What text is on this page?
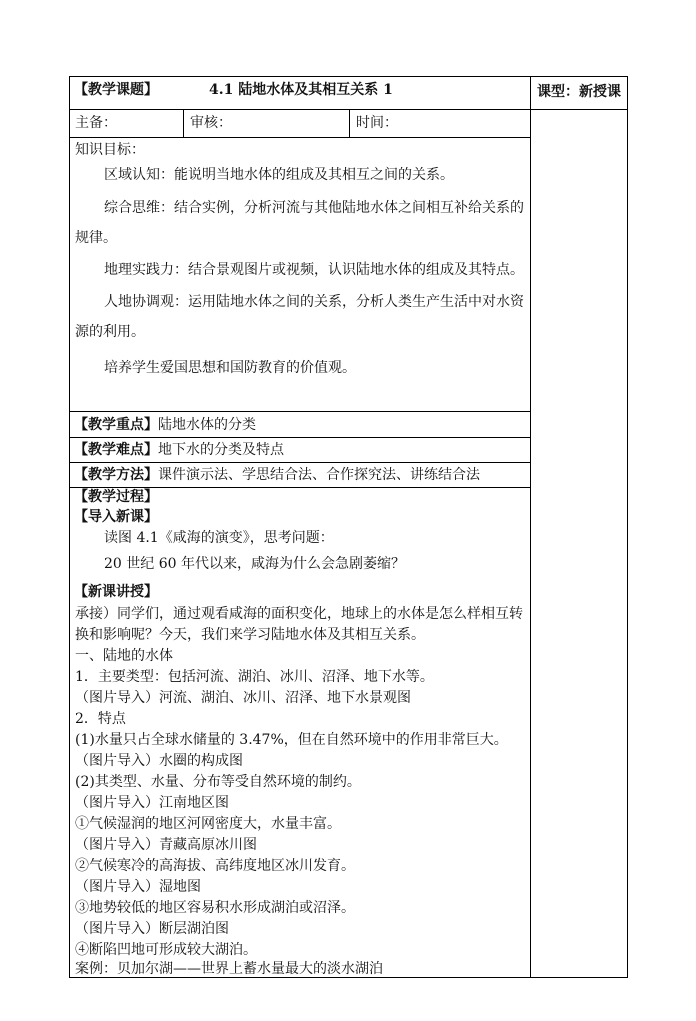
【教学课题】	4.1 陆地水体及其相互关系 1	课型：新授课
主备：	审核：	时间：
知识目标：
区域认知：能说明当地水体的组成及其相互之间的关系。
综合思维：结合实例，分析河流与其他陆地水体之间相互补给关系的
规律。
地理实践力：结合景观图片或视频，认识陆地水体的组成及其特点。
人地协调观：运用陆地水体之间的关系，分析人类生产生活中对水资
源的利用。
培养学生爱国思想和国防教育的价值观。
【教学重点】陆地水体的分类
【教学难点】地下水的分类及特点
【教学方法】课件演示法、学思结合法、合作探究法、讲练结合法
【教学过程】
【导入新课】
读图 4.1《咸海的演变》，思考问题：
20 世纪 60 年代以来，咸海为什么会急剧萎缩？
【新课讲授】
承接）同学们，通过观看咸海的面积变化，地球上的水体是怎么样相互转
换和影响呢？今天，我们来学习陆地水体及其相互关系。
一、陆地的水体
1．主要类型：包括河流、湖泊、冰川、沼泽、地下水等。
（图片导入）河流、湖泊、冰川、沼泽、地下水景观图
2．特点
(1)水量只占全球水储量的 3.47%，但在自然环境中的作用非常巨大。
（图片导入）水圈的构成图
(2)其类型、水量、分布等受自然环境的制约。
（图片导入）江南地区图
①气候湿润的地区河网密度大，水量丰富。
（图片导入）青藏高原冰川图
②气候寒冷的高海拔、高纬度地区冰川发育。
（图片导入）湿地图
③地势较低的地区容易积水形成湖泊或沼泽。
（图片导入）断层湖泊图
④断陷凹地可形成较大湖泊。
案例：贝加尔湖——世界上蓄水量最大的淡水湖泊
